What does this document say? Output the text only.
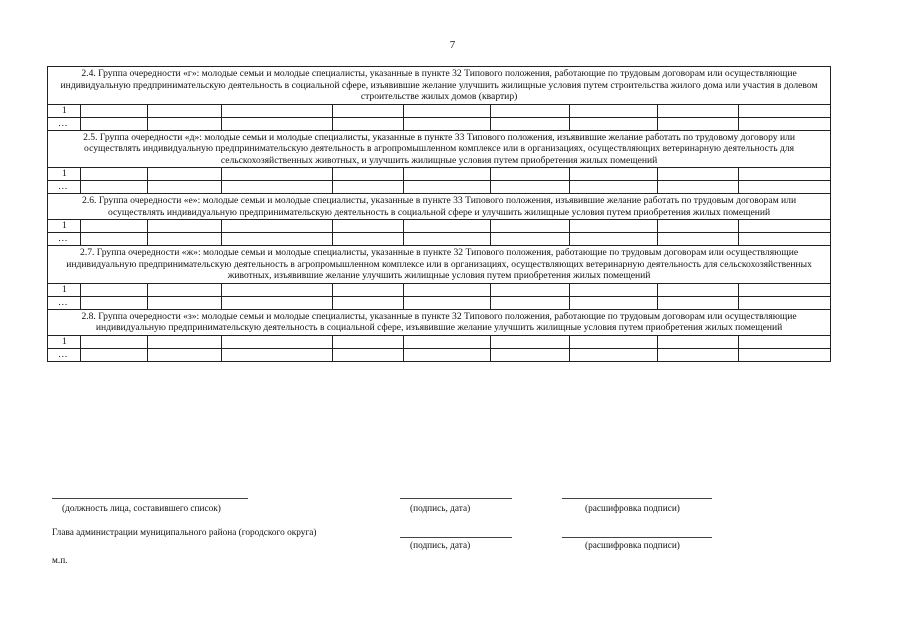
7
2.4. Группа очередности «г»: молодые семьи и молодые специалисты, указанные в пункте 32 Типового положения, работающие по трудовым договорам или осуществляющие индивидуальную предпринимательскую деятельность в социальной сфере, изъявившие желание улучшить жилищные условия путем строительства жилого дома или участия в долевом строительстве жилых домов (квартир)									
1									
…									
2.5. Группа очередности «д»: молодые семьи и молодые специалисты, указанные в пункте 33 Типового положения, изъявившие желание работать по трудовому договору или осуществлять индивидуальную предпринимательскую деятельность в агропромышленном комплексе или в организациях, осуществляющих ветеринарную деятельность для сельскохозяйственных животных, и улучшить жилищные условия путем приобретения жилых помещений									
1									
…									
2.6. Группа очередности «е»: молодые семьи и молодые специалисты, указанные в пункте 33 Типового положения, изъявившие желание работать по трудовым договорам или осуществлять индивидуальную предпринимательскую деятельность в социальной сфере и улучшить жилищные условия путем приобретения жилых помещений									
1									
…									
2.7. Группа очередности «ж»: молодые семьи и молодые специалисты, указанные в пункте 32 Типового положения, работающие по трудовым договорам или осуществляющие индивидуальную предпринимательскую деятельность в агропромышленном комплексе или в организациях, осуществляющих ветеринарную деятельность для сельскохозяйственных животных, изъявившие желание улучшить жилищные условия путем приобретения жилых помещений									
1									
…									
2.8. Группа очередности «з»: молодые семьи и молодые специалисты, указанные в пункте 32 Типового положения, работающие по трудовым договорам или осуществляющие индивидуальную предпринимательскую деятельность в социальной сфере, изъявившие желание улучшить жилищные условия путем приобретения жилых помещений									
1									
…									
(должность лица, составившего список)	(подпись, дата)	(расшифровка подписи)
Глава администрации муниципального района (городского округа)
(подпись, дата)	(расшифровка подписи)
м.п.
